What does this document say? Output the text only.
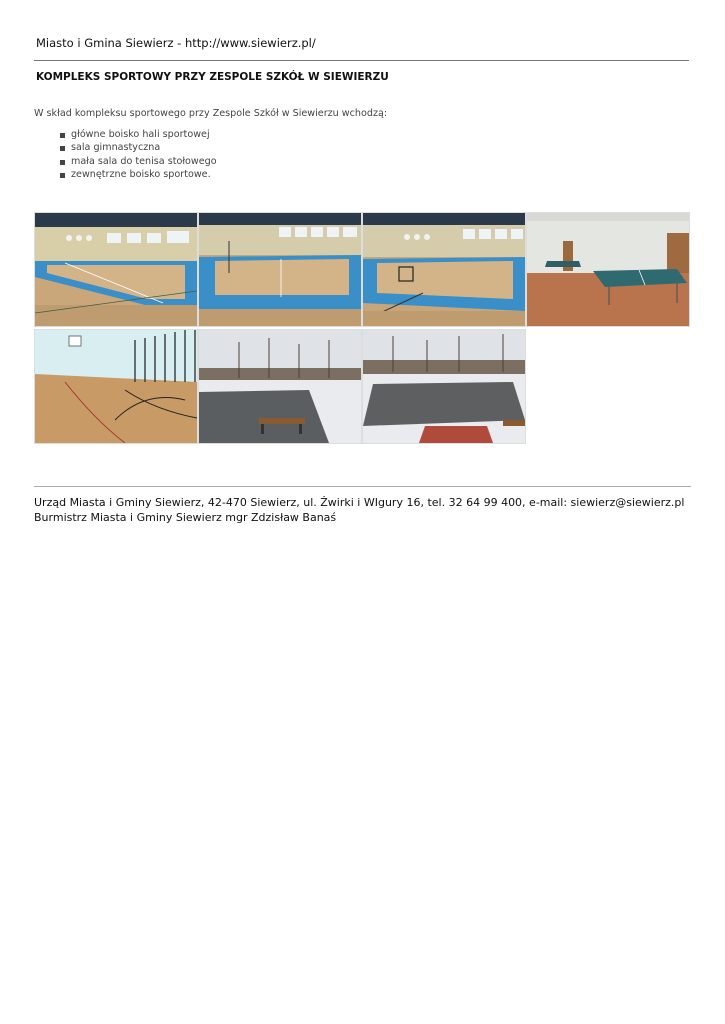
Miasto i Gmina Siewierz - http://www.siewierz.pl/
KOMPLEKS SPORTOWY PRZY ZESPOLE SZKÓŁ W SIEWIERZU
W skład kompleksu sportowego przy Zespole Szkół w Siewierzu wchodzą:
główne boisko hali sportowej
sala gimnastyczna
mała sala do tenisa stołowego
zewnętrzne boisko sportowe.
Urząd Miasta i Gminy Siewierz, 42-470 Siewierz, ul. Żwirki i WIgury 16, tel. 32 64 99 400, e-mail: siewierz@siewierz.pl
Burmistrz Miasta i Gminy Siewierz mgr Zdzisław Banaś
